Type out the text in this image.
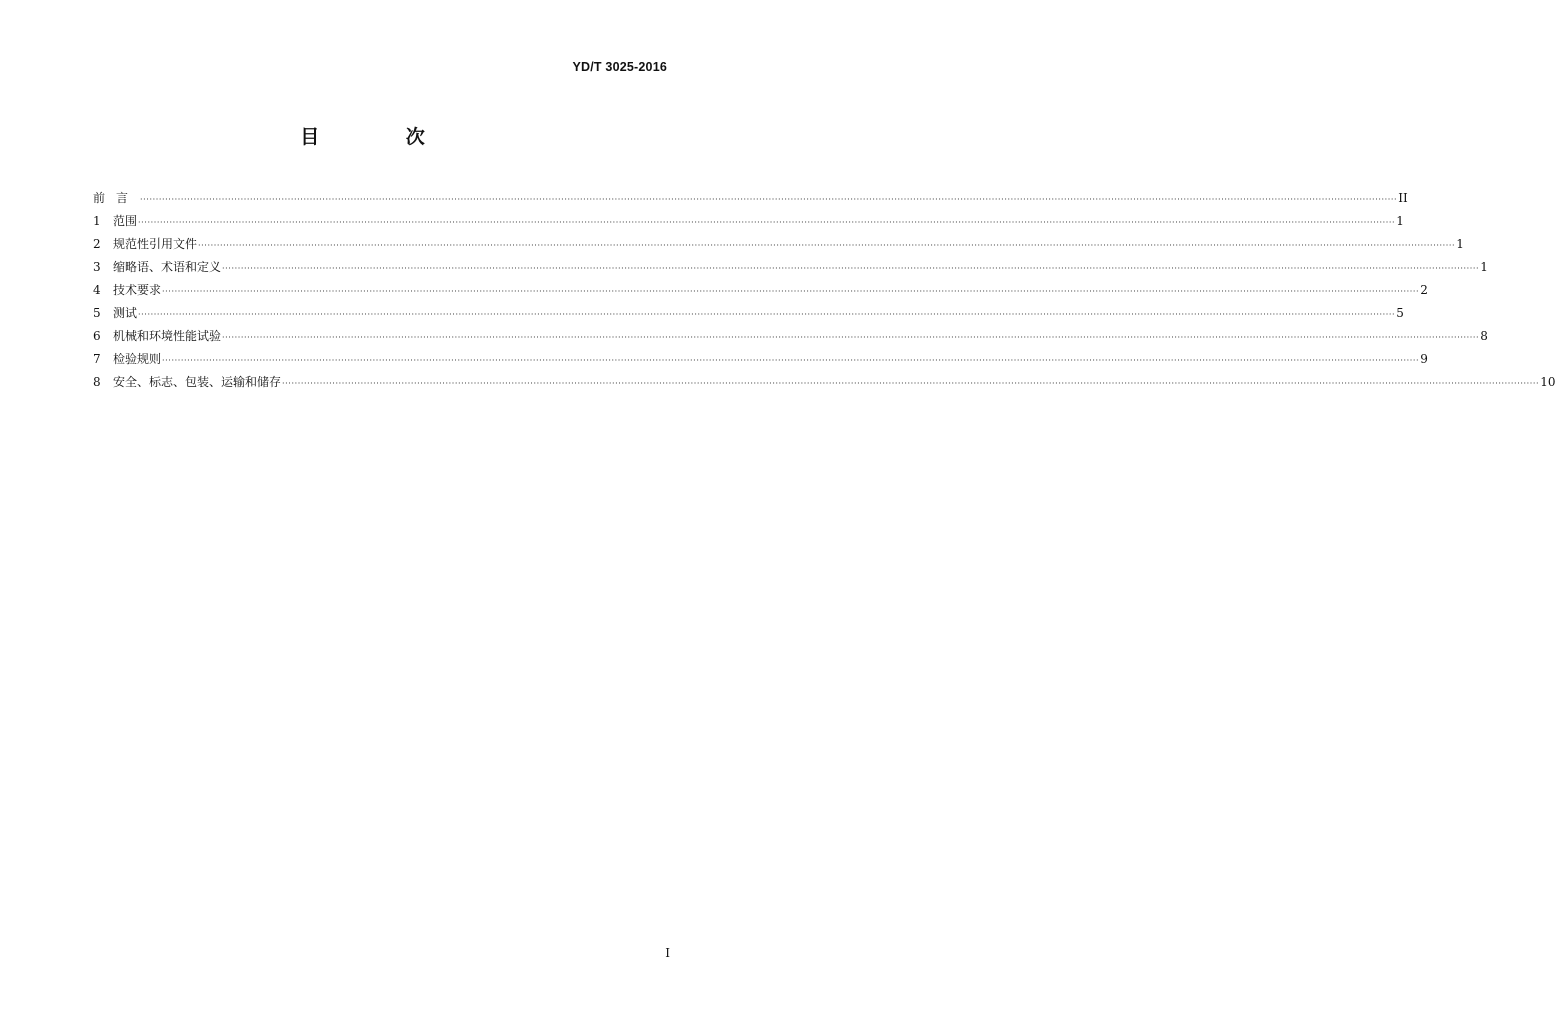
YD/T 3025-2016
目 次
前言 ················································································································································································································································································································································································································ II
1	范围 ················································································································································································································································································································································································································ 1
2	规范性引用文件 ················································································································································································································································································································································································································ 1
3	缩略语、术语和定义 ················································································································································································································································································································································································································ 1
4	技术要求 ················································································································································································································································································································································································································ 2
5	测试 ················································································································································································································································································································································································································ 5
6	机械和环境性能试验 ················································································································································································································································································································································································································ 8
7	检验规则 ················································································································································································································································································································································································································ 9
8	安全、标志、包装、运输和储存 ················································································································································································································································································································································································································ 10
I
